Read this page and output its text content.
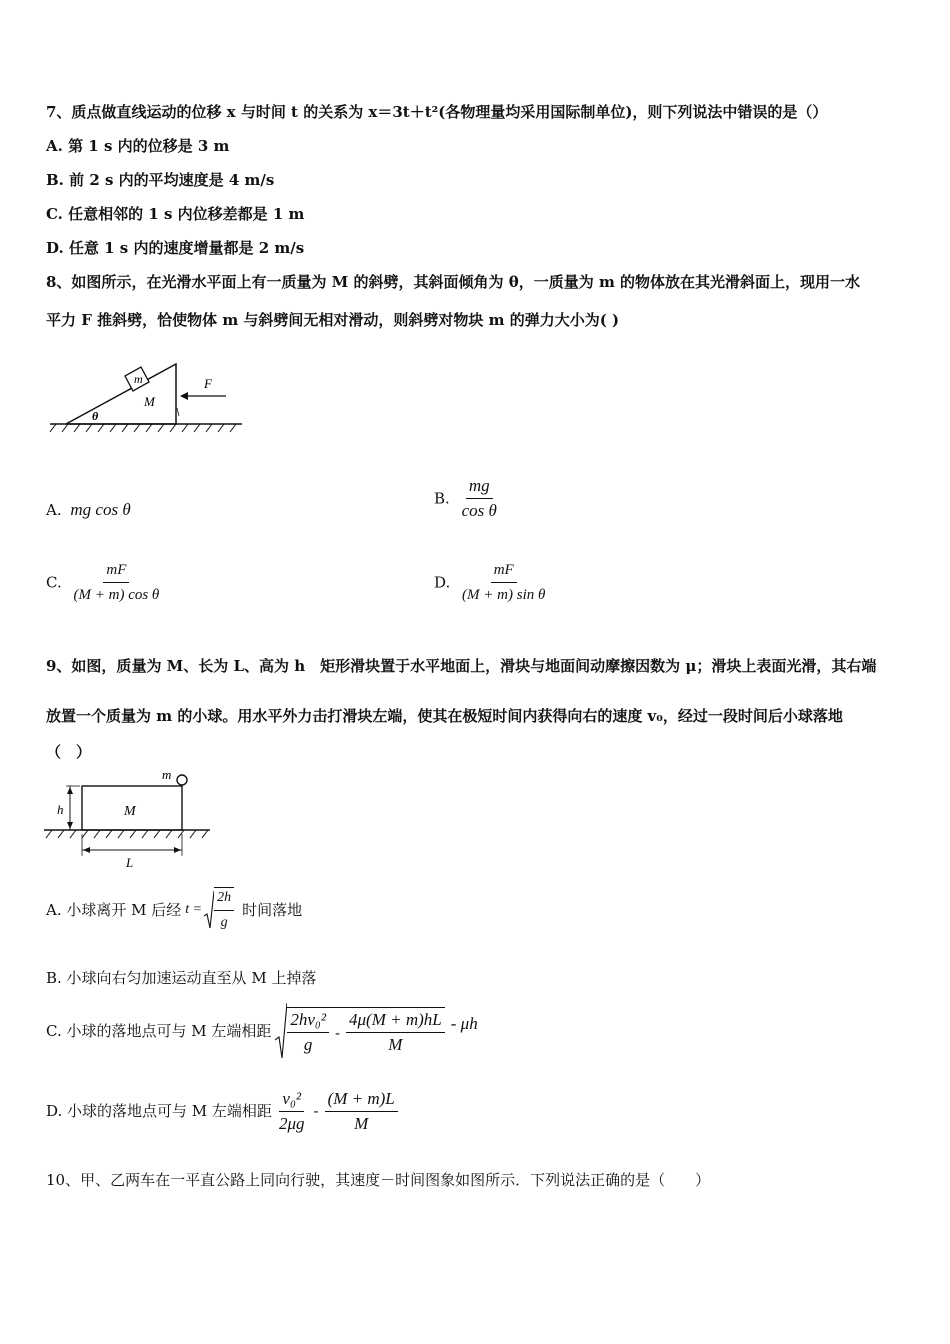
7、质点做直线运动的位移 x 与时间 t 的关系为 x＝3t＋t²(各物理量均采用国际制单位)，则下列说法中错误的是（）
A. 第 1 s 内的位移是 3 m
B. 前 2 s 内的平均速度是 4 m/s
C. 任意相邻的 1 s 内位移差都是 1 m
D. 任意 1 s 内的速度增量都是 2 m/s
8、如图所示，在光滑水平面上有一质量为 M 的斜劈，其斜面倾角为 θ，一质量为 m 的物体放在其光滑斜面上，现用一水
平力 F 推斜劈，恰使物体 m 与斜劈间无相对滑动，则斜劈对物块 m 的弹力大小为( )
m
M
θ
F
A. mg cos θ
B. $\frac{mg}{\text{cos θ}}$
C. $\frac{mF}{\text{(M + m) cos θ}}$	D. $\frac{mF}{\text{(M + m) sin θ}}$
9、如图，质量为 M、长为 L、高为 h　矩形滑块置于水平地面上，滑块与地面间动摩擦因数为 μ；滑块上表面光滑，其右端
放置一个质量为 m 的小球。用水平外力击打滑块左端，使其在极短时间内获得向右的速度 v₀，经过一段时间后小球落地
（　）
M
m
h
L
A. 小球离开 M 后经 $t = \frac{2h}{g}$ 时间落地
B. 小球向右匀加速运动直至从 M 上掉落
C. 小球的落地点可与 M 左端相距 $\frac{\text{2hv₀²}}{g} - \frac{4\mu(M + m)hL}{M}$ - μh
D. 小球的落地点可与 M 左端相距 $\frac{\text{v₀²}}{2\mu g} - \frac{(M + m)L}{M}$
10、甲、乙两车在一平直公路上同向行驶，其速度－时间图象如图所示．下列说法正确的是（　　）
